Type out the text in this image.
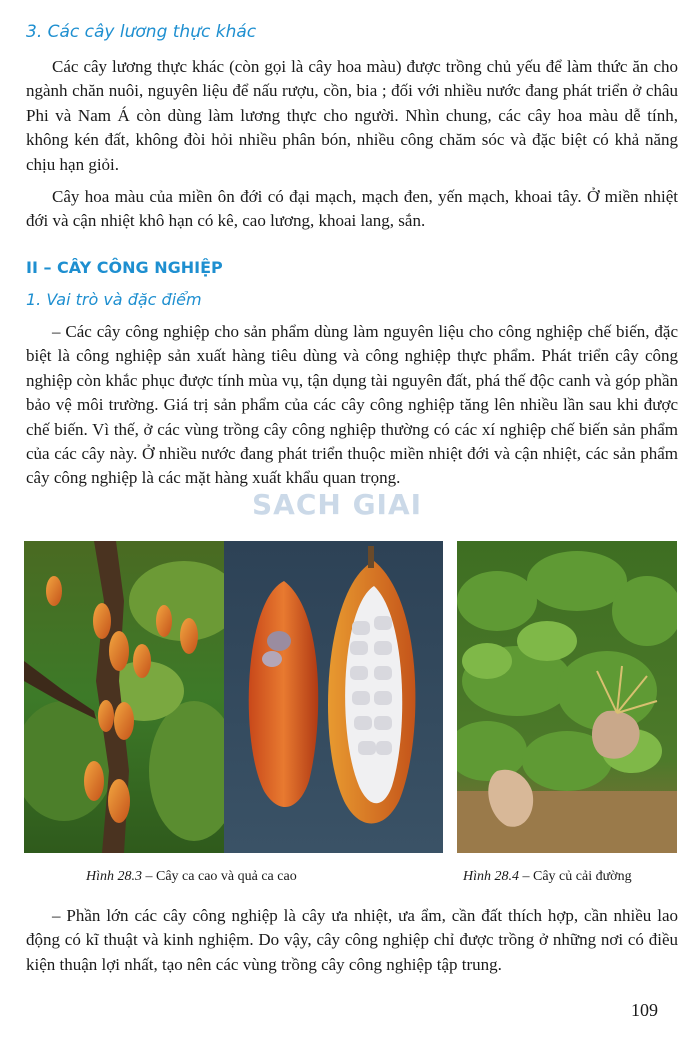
3. Các cây lương thực khác

Các cây lương thực khác (còn gọi là cây hoa màu) được trồng chủ yếu để làm thức ăn cho ngành chăn nuôi, nguyên liệu để nấu rượu, cồn, bia ; đối với nhiều nước đang phát triển ở châu Phi và Nam Á còn dùng làm lương thực cho người. Nhìn chung, các cây hoa màu dễ tính, không kén đất, không đòi hỏi nhiều phân bón, nhiều công chăm sóc và đặc biệt có khả năng chịu hạn giỏi.

Cây hoa màu của miền ôn đới có đại mạch, mạch đen, yến mạch, khoai tây. Ở miền nhiệt đới và cận nhiệt khô hạn có kê, cao lương, khoai lang, sắn.

II – CÂY CÔNG NGHIỆP
1. Vai trò và đặc điểm

– Các cây công nghiệp cho sản phẩm dùng làm nguyên liệu cho công nghiệp chế biến, đặc biệt là công nghiệp sản xuất hàng tiêu dùng và công nghiệp thực phẩm. Phát triển cây công nghiệp còn khắc phục được tính mùa vụ, tận dụng tài nguyên đất, phá thế độc canh và góp phần bảo vệ môi trường. Giá trị sản phẩm của các cây công nghiệp tăng lên nhiều lần sau khi được chế biến. Vì thế, ở các vùng trồng cây công nghiệp thường có các xí nghiệp chế biến sản phẩm của các cây này. Ở nhiều nước đang phát triển thuộc miền nhiệt đới và cận nhiệt, các sản phẩm cây công nghiệp là các mặt hàng xuất khẩu quan trọng.

SACH GIAI
Hình 28.3 – Cây ca cao và quả ca cao	Hình 28.4 – Cây củ cải đường

– Phần lớn các cây công nghiệp là cây ưa nhiệt, ưa ẩm, cần đất thích hợp, cần nhiều lao động có kĩ thuật và kinh nghiệm. Do vậy, cây công nghiệp chỉ được trồng ở những nơi có điều kiện thuận lợi nhất, tạo nên các vùng trồng cây công nghiệp tập trung.

109
